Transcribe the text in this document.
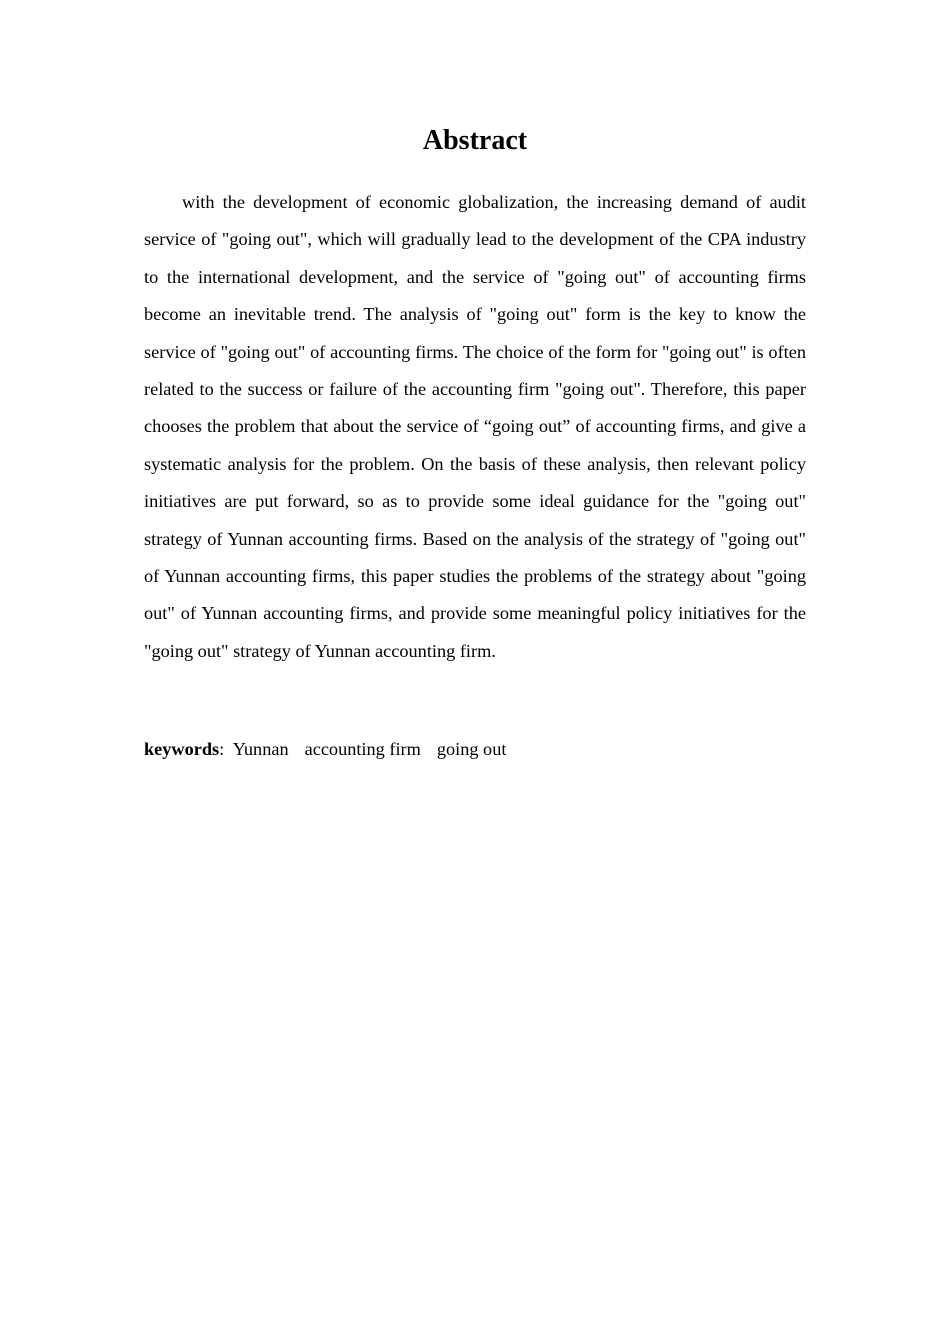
Abstract

with the development of economic globalization, the increasing demand of audit service of "going out", which will gradually lead to the development of the CPA industry to the international development, and the service of "going out" of accounting firms become an inevitable trend. The analysis of "going out" form is the key to know the service of "going out" of accounting firms. The choice of the form for "going out" is often related to the success or failure of the accounting firm "going out". Therefore, this paper chooses the problem that about the service of “going out” of accounting firms, and give a systematic analysis for the problem. On the basis of these analysis, then relevant policy initiatives are put forward, so as to provide some ideal guidance for the "going out" strategy of Yunnan accounting firms. Based on the analysis of the strategy of "going out" of Yunnan accounting firms, this paper studies the problems of the strategy about "going out" of Yunnan accounting firms, and provide some meaningful policy initiatives for the "going out" strategy of Yunnan accounting firm.

keywords: Yunnan accounting firm going out
